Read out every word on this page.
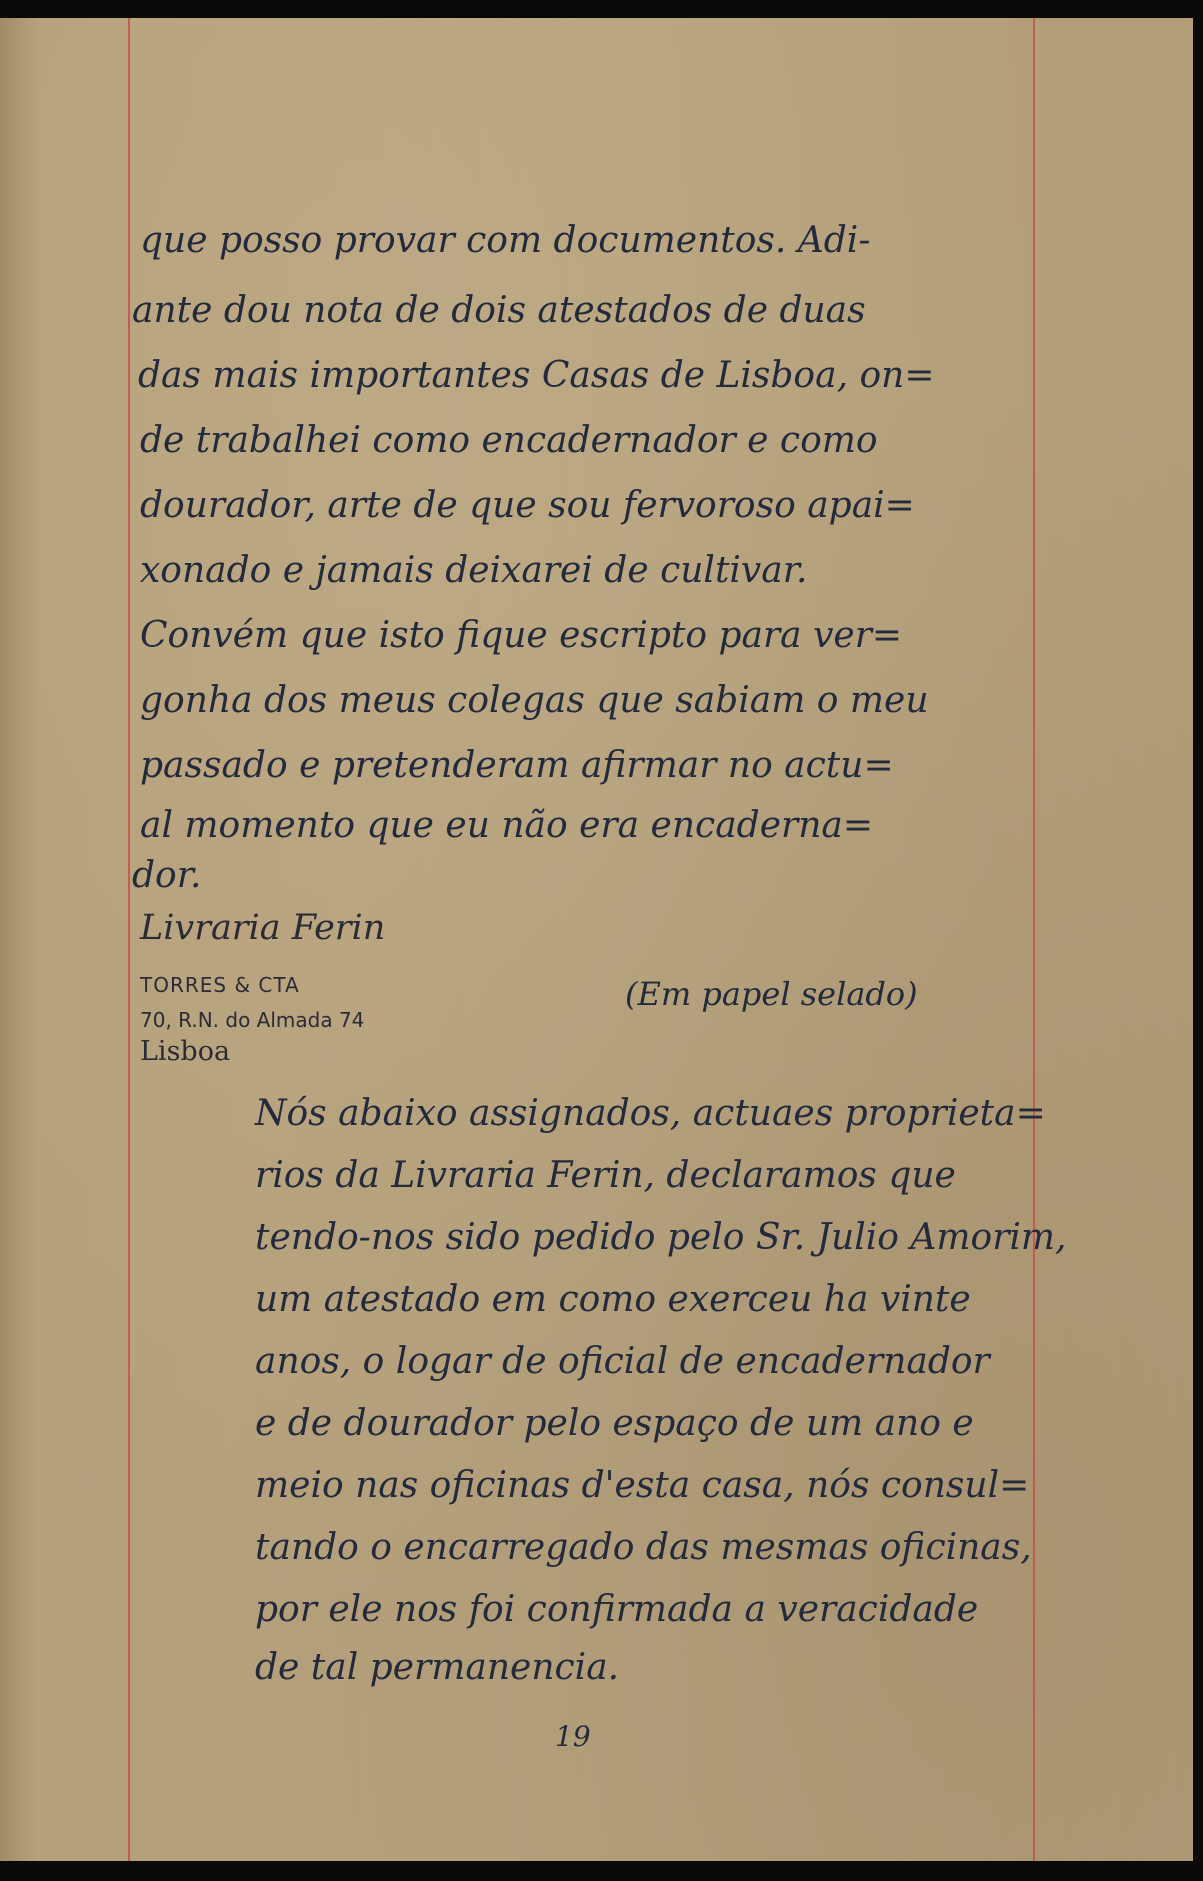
que posso provar com documentos. Adi-

ante dou nota de dois atestados de duas

das mais importantes Casas de Lisboa, on=

de trabalhei como encadernador e como

dourador, arte de que sou fervoroso apai=

xonado e jamais deixarei de cultivar.

Convém que isto fique escripto para ver=

gonha dos meus colegas que sabiam o meu

passado e pretenderam afirmar no actu=

al momento que eu não era encaderna=

dor.

Livraria Ferin

TORRES & CTA

70, R.N. do Almada 74

Lisboa

(Em papel selado)

Nós abaixo assignados, actuaes proprieta=

rios da Livraria Ferin, declaramos que

tendo-nos sido pedido pelo Sr. Julio Amorim,

um atestado em como exerceu ha vinte

anos, o logar de oficial de encadernador

e de dourador pelo espaço de um ano e

meio nas oficinas d'esta casa, nós consul=

tando o encarregado das mesmas oficinas,

por ele nos foi confirmada a veracidade

de tal permanencia.

19
